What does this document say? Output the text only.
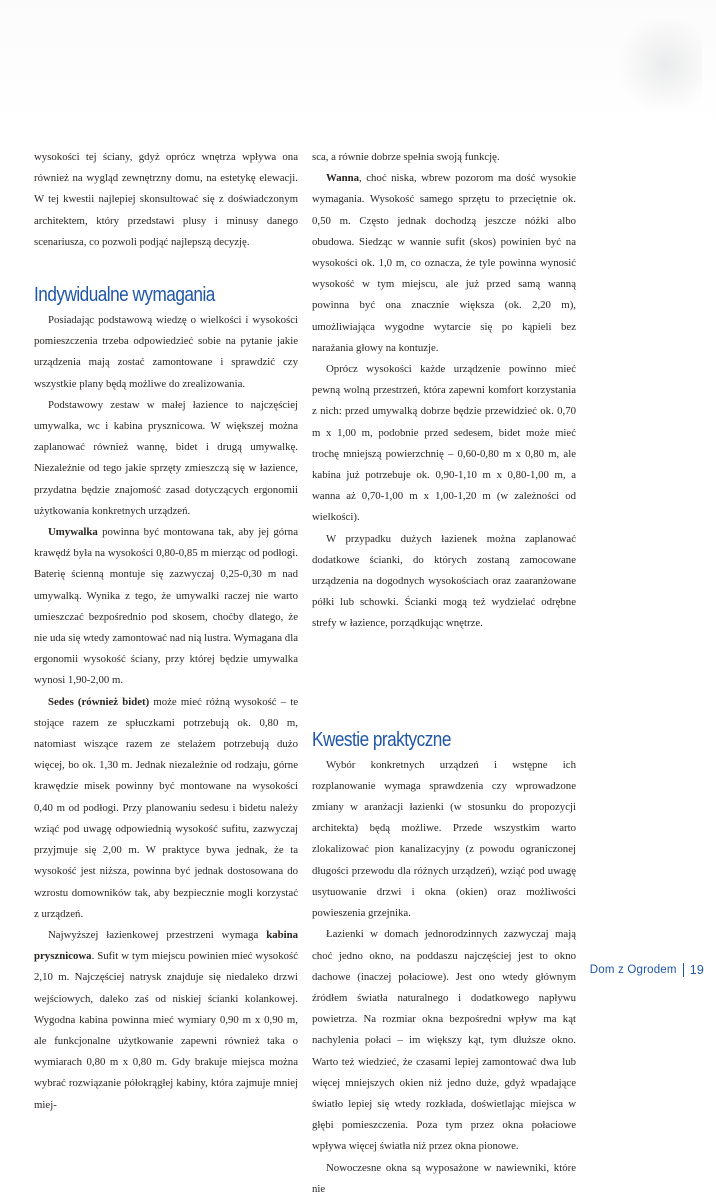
wysokości tej ściany, gdyż oprócz wnętrza wpływa ona również na wygląd zewnętrzny domu, na estetykę elewacji. W tej kwestii najlepiej skonsultować się z doświadczonym architektem, który przedstawi plusy i minusy danego scenariusza, co pozwoli podjąć najlepszą decyzję.

Indywidualne wymagania

Posiadając podstawową wiedzę o wielkości i wysokości pomieszczenia trzeba odpowiedzieć sobie na pytanie jakie urządzenia mają zostać zamontowane i sprawdzić czy wszystkie plany będą możliwe do zrealizowania.

Podstawowy zestaw w małej łazience to najczęściej umywalka, wc i kabina prysznicowa. W większej można zaplanować również wannę, bidet i drugą umywalkę. Niezależnie od tego jakie sprzęty zmieszczą się w łazience, przydatna będzie znajomość zasad dotyczących ergonomii użytkowania konkretnych urządzeń.

Umywalka powinna być montowana tak, aby jej górna krawędź była na wysokości 0,80-0,85 m mierząc od podłogi. Baterię ścienną montuje się zazwyczaj 0,25-0,30 m nad umywalką. Wynika z tego, że umywalki raczej nie warto umieszczać bezpośrednio pod skosem, choćby dlatego, że nie uda się wtedy zamontować nad nią lustra. Wymagana dla ergonomii wysokość ściany, przy której będzie umywalka wynosi 1,90-2,00 m.

Sedes (również bidet) może mieć różną wysokość – te stojące razem ze spłuczkami potrzebują ok. 0,80 m, natomiast wiszące razem ze stelażem potrzebują dużo więcej, bo ok. 1,30 m. Jednak niezależnie od rodzaju, górne krawędzie misek powinny być montowane na wysokości 0,40 m od podłogi. Przy planowaniu sedesu i bidetu należy wziąć pod uwagę odpowiednią wysokość sufitu, zazwyczaj przyjmuje się 2,00 m. W praktyce bywa jednak, że ta wysokość jest niższa, powinna być jednak dostosowana do wzrostu domowników tak, aby bezpiecznie mogli korzystać z urządzeń.

Najwyższej łazienkowej przestrzeni wymaga kabina prysznicowa. Sufit w tym miejscu powinien mieć wysokość 2,10 m. Najczęściej natrysk znajduje się niedaleko drzwi wejściowych, daleko zaś od niskiej ścianki kolankowej. Wygodna kabina powinna mieć wymiary 0,90 m x 0,90 m, ale funkcjonalne użytkowanie zapewni również taka o wymiarach 0,80 m x 0,80 m. Gdy brakuje miejsca można wybrać rozwiązanie półokrągłej kabiny, która zajmuje mniej miej-

sca, a równie dobrze spełnia swoją funkcję.

Wanna, choć niska, wbrew pozorom ma dość wysokie wymagania. Wysokość samego sprzętu to przeciętnie ok. 0,50 m. Często jednak dochodzą jeszcze nóżki albo obudowa. Siedząc w wannie sufit (skos) powinien być na wysokości ok. 1,0 m, co oznacza, że tyle powinna wynosić wysokość w tym miejscu, ale już przed samą wanną powinna być ona znacznie większa (ok. 2,20 m), umożliwiająca wygodne wytarcie się po kąpieli bez narażania głowy na kontuzje.

Oprócz wysokości każde urządzenie powinno mieć pewną wolną przestrzeń, która zapewni komfort korzystania z nich: przed umywalką dobrze będzie przewidzieć ok. 0,70 m x 1,00 m, podobnie przed sedesem, bidet może mieć trochę mniejszą powierzchnię – 0,60-0,80 m x 0,80 m, ale kabina już potrzebuje ok. 0,90-1,10 m x 0,80-1,00 m, a wanna aż 0,70-1,00 m x 1,00-1,20 m (w zależności od wielkości).

W przypadku dużych łazienek można zaplanować dodatkowe ścianki, do których zostaną zamocowane urządzenia na dogodnych wysokościach oraz zaaranżowane półki lub schowki. Ścianki mogą też wydzielać odrębne strefy w łazience, porządkując wnętrze.

Kwestie praktyczne

Wybór konkretnych urządzeń i wstępne ich rozplanowanie wymaga sprawdzenia czy wprowadzone zmiany w aranżacji łazienki (w stosunku do propozycji architekta) będą możliwe. Przede wszystkim warto zlokalizować pion kanalizacyjny (z powodu ograniczonej długości przewodu dla różnych urządzeń), wziąć pod uwagę usytuowanie drzwi i okna (okien) oraz możliwości powieszenia grzejnika.

Łazienki w domach jednorodzinnych zazwyczaj mają choć jedno okno, na poddaszu najczęściej jest to okno dachowe (inaczej połaciowe). Jest ono wtedy głównym źródłem światła naturalnego i dodatkowego napływu powietrza. Na rozmiar okna bezpośredni wpływ ma kąt nachylenia połaci – im większy kąt, tym dłuższe okno. Warto też wiedzieć, że czasami lepiej zamontować dwa lub więcej mniejszych okien niż jedno duże, gdyż wpadające światło lepiej się wtedy rozkłada, doświetlając miejsca w głębi pomieszczenia. Poza tym przez okna połaciowe wpływa więcej światła niż przez okna pionowe.

Nowoczesne okna są wyposażone w nawiewniki, które nie

Dom z Ogrodem 19
